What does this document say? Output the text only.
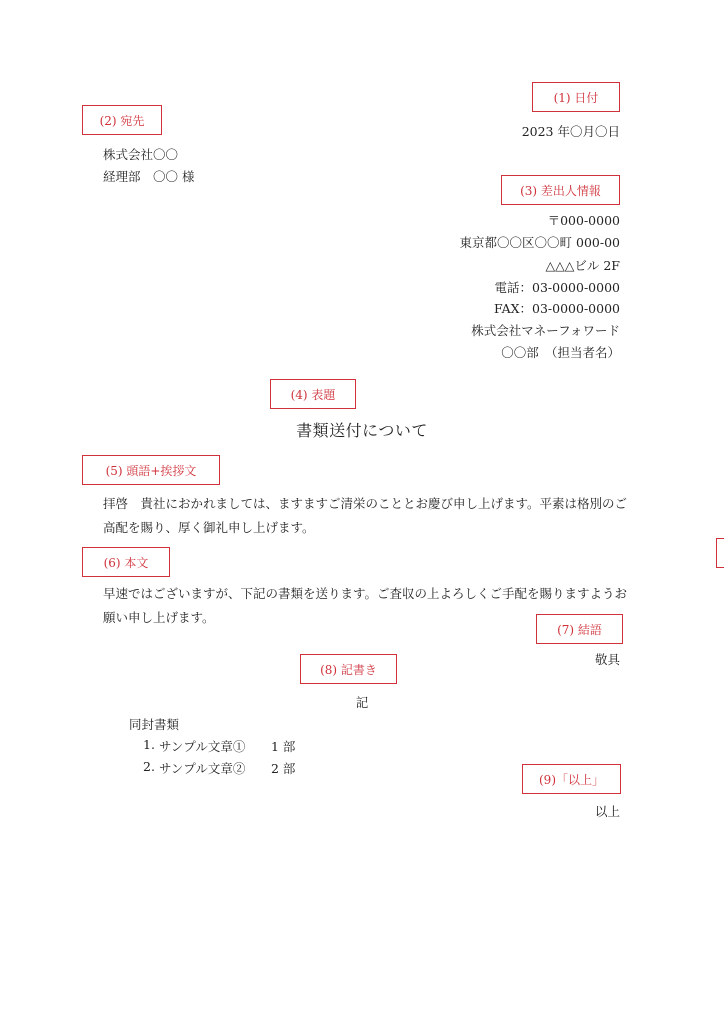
(1) 日付
(2) 宛先
(3) 差出人情報
(4) 表題
(5) 頭語+挨拶文
(6) 本文
(7) 結語
(8) 記書き
(9)「以上」
2023 年〇月〇日
株式会社〇〇
経理部　〇〇 様
〒000-0000
東京都〇〇区〇〇町 000-00
△△△ビル 2F
電話：03-0000-0000
FAX：03-0000-0000
株式会社マネーフォワード
〇〇部　（担当者名）
書類送付について
拝啓　貴社におかれましては、ますますご清栄のこととお慶び申し上げます。平素は格別のご高配を賜り、厚く御礼申し上げます。
早速ではございますが、下記の書類を送ります。ご査収の上よろしくご手配を賜りますようお願い申し上げます。
敬具
記
同封書類
1. サンプル文章①	1 部
2. サンプル文章②	2 部
以上
